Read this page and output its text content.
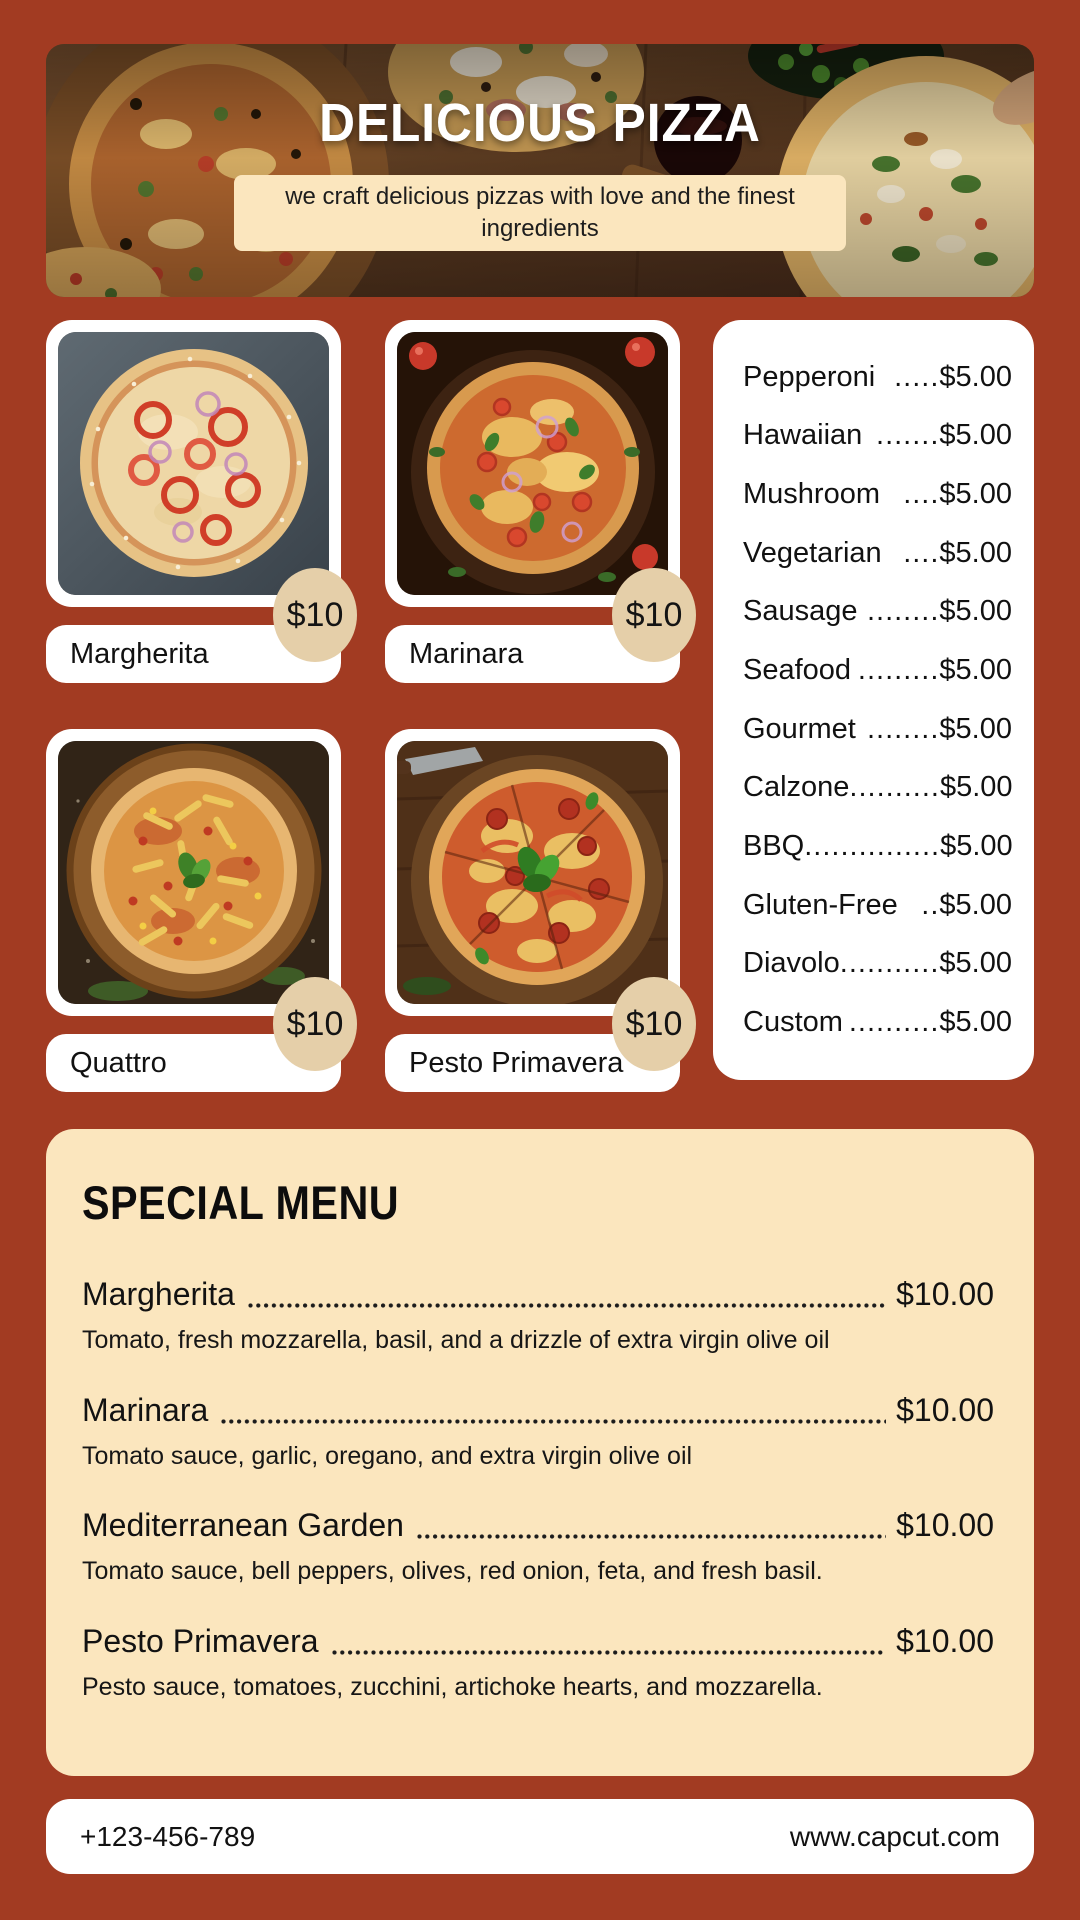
DELICIOUS PIZZA
we craft delicious pizzas with love and the finest ingredients
$10
Margherita
$10
Marinara
$10
Quattro
$10
Pesto Primavera
Pepperoni ..... $5.00
Hawaiian ....... $5.00
Mushroom .... $5.00
Vegetarian .... $5.00
Sausage ........ $5.00
Seafood ......... $5.00
Gourmet ........ $5.00
Calzone .......... $5.00
BBQ ............... $5.00
Gluten-Free .. $5.00
Diavolo ........... $5.00
Custom .......... $5.00
SPECIAL MENU
Margherita	$10.00
Tomato, fresh mozzarella, basil, and a drizzle of extra virgin olive oil
Marinara	$10.00
Tomato sauce, garlic, oregano, and extra virgin olive oil
Mediterranean Garden	$10.00
Tomato sauce, bell peppers, olives, red onion, feta, and fresh basil.
Pesto Primavera	$10.00
Pesto sauce, tomatoes, zucchini, artichoke hearts, and mozzarella.
+123-456-789	www.capcut.com
